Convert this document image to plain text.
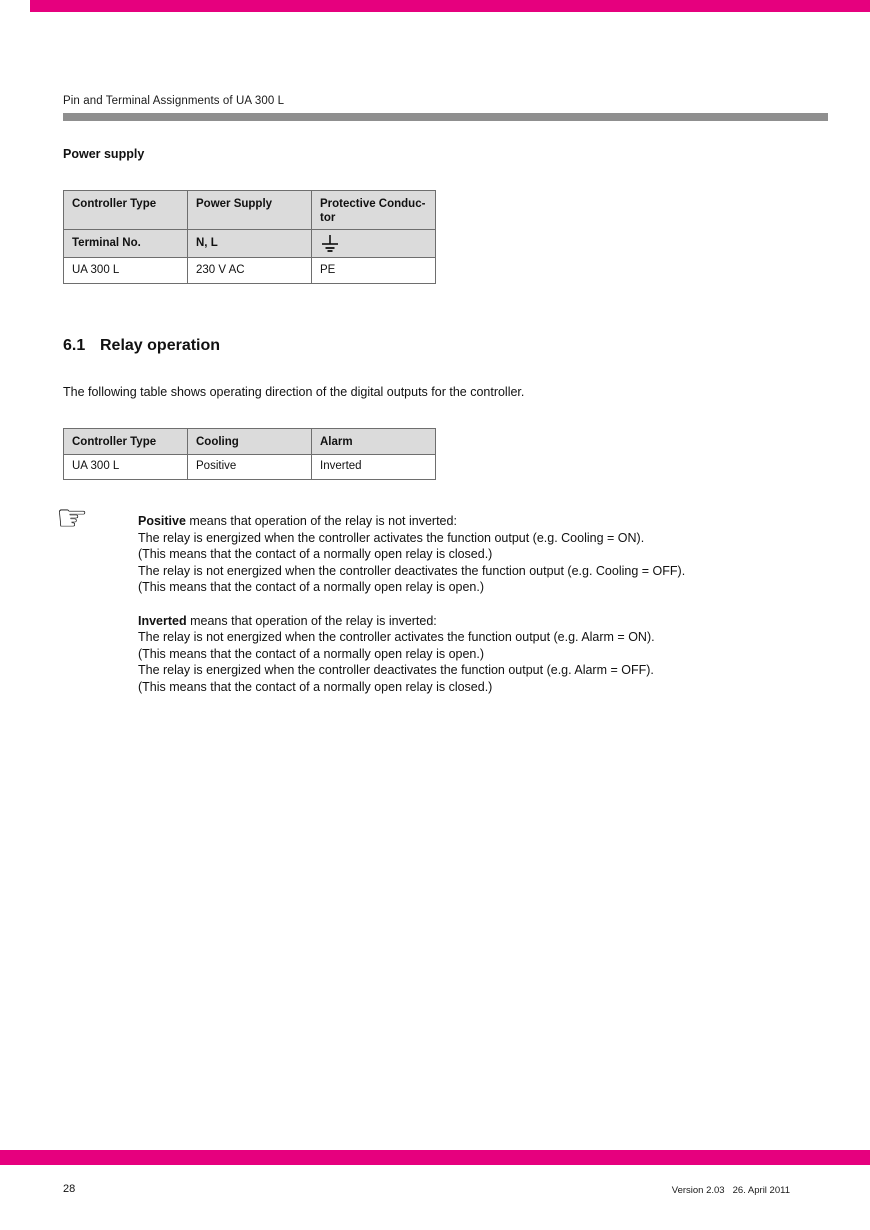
Pin and Terminal Assignments of UA 300 L
Power supply
Controller Type	Power Supply	Protective Conduc-tor
Terminal No.	N, L	
UA 300 L	230 V AC	PE
6.1 Relay operation
The following table shows operating direction of the digital outputs for the controller.
Controller Type	Cooling	Alarm
UA 300 L	Positive	Inverted
☞	Positive means that operation of the relay is not inverted:
The relay is energized when the controller activates the function output (e.g. Cooling = ON).
(This means that the contact of a normally open relay is closed.)
The relay is not energized when the controller deactivates the function output (e.g. Cooling = OFF).
(This means that the contact of a normally open relay is open.)
Inverted means that operation of the relay is inverted:
The relay is not energized when the controller activates the function output (e.g. Alarm = ON).
(This means that the contact of a normally open relay is open.)
The relay is energized when the controller deactivates the function output (e.g. Alarm = OFF).
(This means that the contact of a normally open relay is closed.)
28	Version 2.03 26. April 2011
